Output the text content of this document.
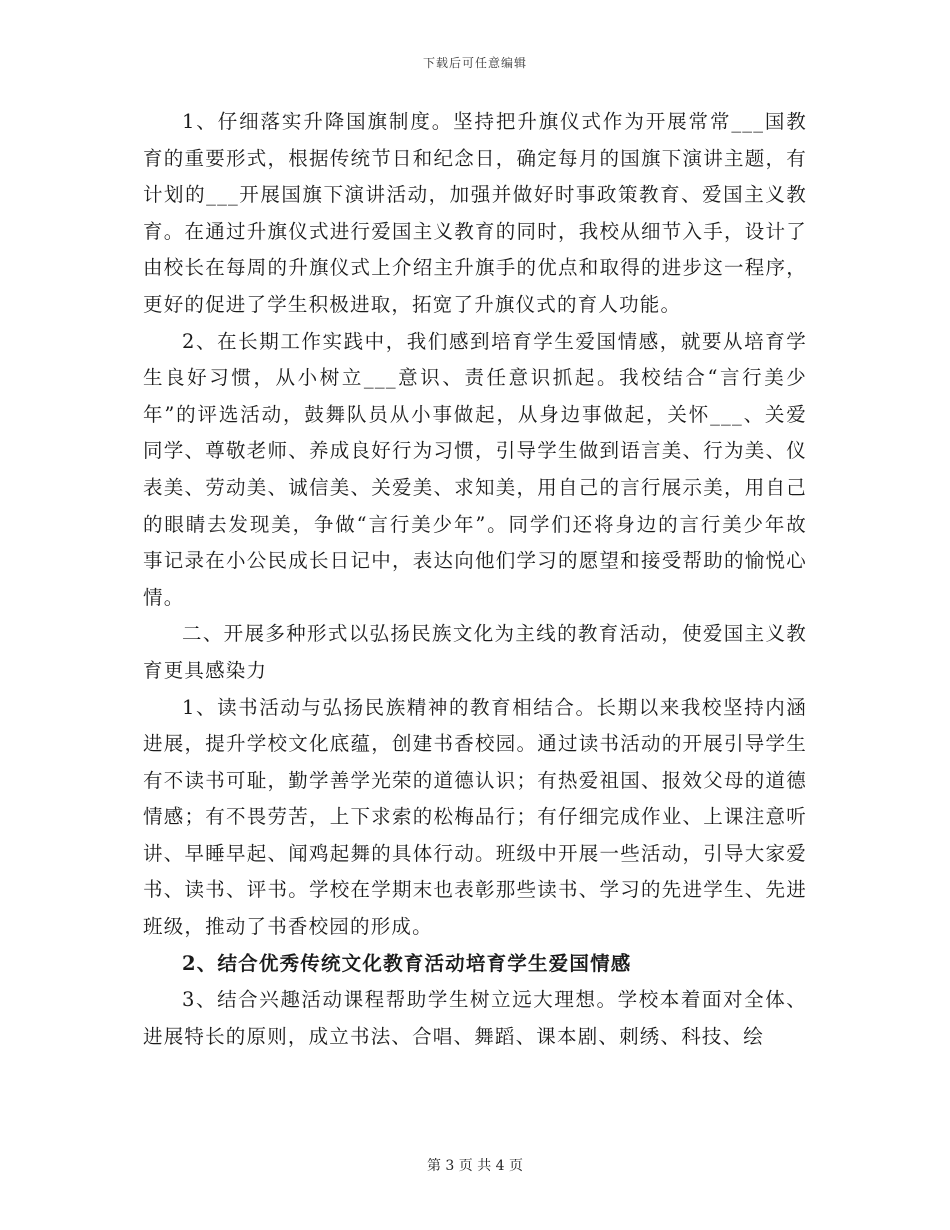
下载后可任意编辑

1、仔细落实升降国旗制度。坚持把升旗仪式作为开展常常___国教育的重要形式，根据传统节日和纪念日，确定每月的国旗下演讲主题，有计划的___开展国旗下演讲活动，加强并做好时事政策教育、爱国主义教育。在通过升旗仪式进行爱国主义教育的同时，我校从细节入手，设计了由校长在每周的升旗仪式上介绍主升旗手的优点和取得的进步这一程序，更好的促进了学生积极进取，拓宽了升旗仪式的育人功能。

2、在长期工作实践中，我们感到培育学生爱国情感，就要从培育学生良好习惯，从小树立___意识、责任意识抓起。我校结合“言行美少年”的评选活动，鼓舞队员从小事做起，从身边事做起，关怀___、关爱同学、尊敬老师、养成良好行为习惯，引导学生做到语言美、行为美、仪表美、劳动美、诚信美、关爱美、求知美，用自己的言行展示美，用自己的眼睛去发现美，争做“言行美少年”。同学们还将身边的言行美少年故事记录在小公民成长日记中，表达向他们学习的愿望和接受帮助的愉悦心情。

二、开展多种形式以弘扬民族文化为主线的教育活动，使爱国主义教育更具感染力

1、读书活动与弘扬民族精神的教育相结合。长期以来我校坚持内涵进展，提升学校文化底蕴，创建书香校园。通过读书活动的开展引导学生有不读书可耻，勤学善学光荣的道德认识；有热爱祖国、报效父母的道德情感；有不畏劳苦，上下求索的松梅品行；有仔细完成作业、上课注意听讲、早睡早起、闻鸡起舞的具体行动。班级中开展一些活动，引导大家爱书、读书、评书。学校在学期末也表彰那些读书、学习的先进学生、先进班级，推动了书香校园的形成。

2、结合优秀传统文化教育活动培育学生爱国情感

3、结合兴趣活动课程帮助学生树立远大理想。学校本着面对全体、进展特长的原则，成立书法、合唱、舞蹈、课本剧、刺绣、科技、绘

第 3 页 共 4 页
